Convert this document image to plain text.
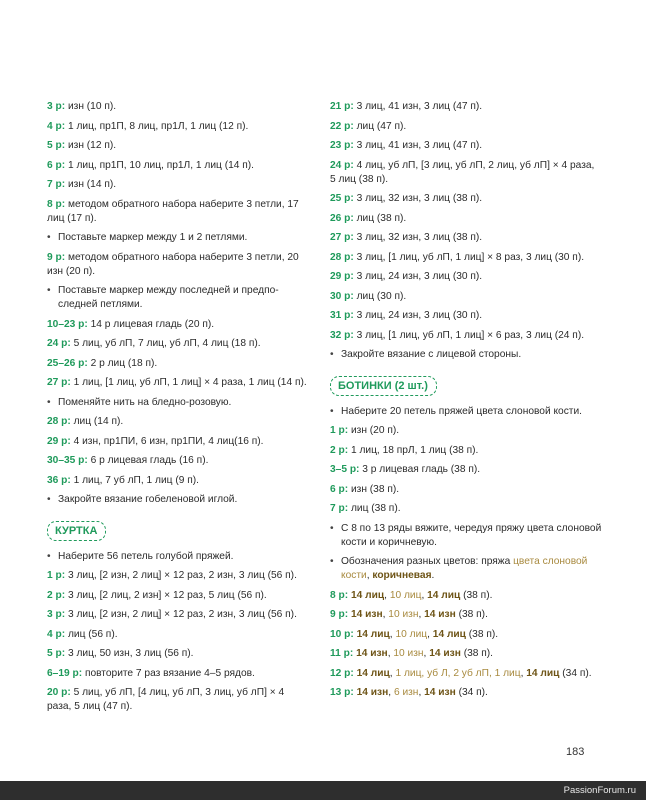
3 р: изн (10 п).
4 р: 1 лиц, пр1П, 8 лиц, пр1Л, 1 лиц (12 п).
5 р: изн (12 п).
6 р: 1 лиц, пр1П, 10 лиц, пр1Л, 1 лиц (14 п).
7 р: изн (14 п).
8 р: методом обратного набора наберите 3 петли, 17 лиц (17 п).
• Поставьте маркер между 1 и 2 петлями.
9 р: методом обратного набора наберите 3 петли, 20 изн (20 п).
• Поставьте маркер между последней и предпоследней петлями.
10–23 р: 14 р лицевая гладь (20 п).
24 р: 5 лиц, уб лП, 7 лиц, уб лП, 4 лиц (18 п).
25–26 р: 2 р лиц (18 п).
27 р: 1 лиц, [1 лиц, уб лП, 1 лиц] × 4 раза, 1 лиц (14 п).
• Поменяйте нить на бледно-розовую.
28 р: лиц (14 п).
29 р: 4 изн, пр1ПИ, 6 изн, пр1ПИ, 4 лиц(16 п).
30–35 р: 6 р лицевая гладь (16 п).
36 р: 1 лиц, 7 уб лП, 1 лиц (9 п).
• Закройте вязание гобеленовой иглой.
КУРТКА
• Наберите 56 петель голубой пряжей.
1 р: 3 лиц, [2 изн, 2 лиц] × 12 раз, 2 изн, 3 лиц (56 п).
2 р: 3 лиц, [2 лиц, 2 изн] × 12 раз, 5 лиц (56 п).
3 р: 3 лиц, [2 изн, 2 лиц] × 12 раз, 2 изн, 3 лиц (56 п).
4 р: лиц (56 п).
5 р: 3 лиц, 50 изн, 3 лиц (56 п).
6–19 р: повторите 7 раз вязание 4–5 рядов.
20 р: 5 лиц, уб лП, [4 лиц, уб лП, 3 лиц, уб лП] × 4 раза, 5 лиц (47 п).
21 р: 3 лиц, 41 изн, 3 лиц (47 п).
22 р: лиц (47 п).
23 р: 3 лиц, 41 изн, 3 лиц (47 п).
24 р: 4 лиц, уб лП, [3 лиц, уб лП, 2 лиц, уб лП] × 4 раза, 5 лиц (38 п).
25 р: 3 лиц, 32 изн, 3 лиц (38 п).
26 р: лиц (38 п).
27 р: 3 лиц, 32 изн, 3 лиц (38 п).
28 р: 3 лиц, [1 лиц, уб лП, 1 лиц] × 8 раз, 3 лиц (30 п).
29 р: 3 лиц, 24 изн, 3 лиц (30 п).
30 р: лиц (30 п).
31 р: 3 лиц, 24 изн, 3 лиц (30 п).
32 р: 3 лиц, [1 лиц, уб лП, 1 лиц] × 6 раз, 3 лиц (24 п).
• Закройте вязание с лицевой стороны.
БОТИНКИ (2 шт.)
• Наберите 20 петель пряжей цвета слоновой кости.
1 р: изн (20 п).
2 р: 1 лиц, 18 прЛ, 1 лиц (38 п).
3–5 р: 3 р лицевая гладь (38 п).
6 р: изн (38 п).
7 р: лиц (38 п).
• С 8 по 13 ряды вяжите, чередуя пряжу цвета слоновой кости и коричневую.
• Обозначения разных цветов: пряжа цвета слоновой кости, коричневая.
8 р: 14 лиц, 10 лиц, 14 лиц (38 п).
9 р: 14 изн, 10 изн, 14 изн (38 п).
10 р: 14 лиц, 10 лиц, 14 лиц (38 п).
11 р: 14 изн, 10 изн, 14 изн (38 п).
12 р: 14 лиц, 1 лиц, уб Л, 2 уб лП, 1 лиц, 14 лиц (34 п).
13 р: 14 изн, 6 изн, 14 изн (34 п).
183
PassionForum.ru
